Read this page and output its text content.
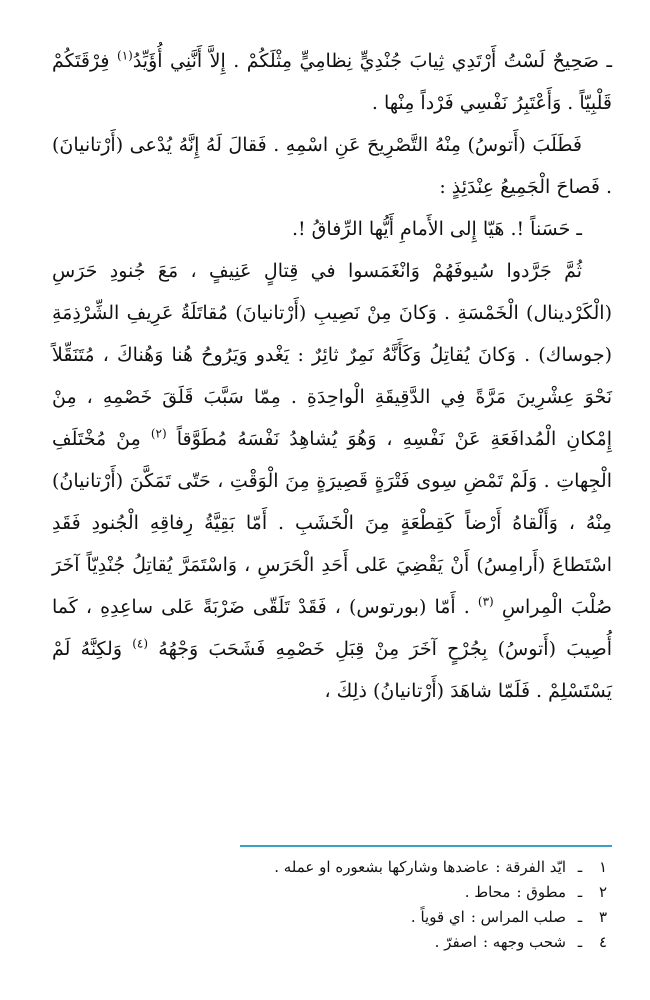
ـ صَحِيحٌ لَسْتُ أَرْتَدِي ثِيابَ جُنْدِيٍّ نِظامِيٍّ مِثْلَكُمْ . إِلاَّ أَنَّنِي أُؤَيِّدُ$^{(١)}$ فِرْقَتَكُمْ قَلْبِيّاً . وَأَعْتَبِرُ نَفْسِي فَرْداً مِنْها .

فَطَلَبَ (أَتوسُ) مِنْهُ التَّصْرِيحَ عَنِ اسْمِهِ . فَقالَ لَهُ إِنَّهُ يُدْعى (أَرْتانيانَ) . فَصاحَ الْجَمِيعُ عِنْدَئِذٍ :

ـ حَسَناً !. هَيّا إِلى الأَمامِ أَيُّها الرِّفاقُ !.

ثُمَّ جَرَّدوا سُيوفَهُمْ وَانْغَمَسوا في قِتالٍ عَنِيفٍ ، مَعَ جُنودِ حَرَسِ (الْكَرْدينال) الْخَمْسَةِ . وَكانَ مِنْ نَصِيبِ (أَرْتانيانَ) مُقاتَلَةُ عَرِيفِ الشِّرْذِمَةِ (جوساك) . وَكانَ يُقاتِلُ وَكَأَنَّهُ نَمِرٌ ثائِرٌ : يَغْدو وَيَرُوحُ هُنا وَهُناكَ ، مُتَنَقِّلاً نَحْوَ عِشْرِينَ مَرَّةً فِي الدَّقِيقَةِ الْواحِدَةِ . مِمّا سَبَّبَ قَلَقَ خَصْمِهِ ، مِنْ إِمْكانِ الْمُدافَعَةِ عَنْ نَفْسِهِ ، وَهُوَ يُشاهِدُ نَفْسَهُ مُطَوَّقاً $^{(٢)}$ مِنْ مُخْتَلَفِ الْجِهاتِ . وَلَمْ تَمْضِ سِوى فَتْرَةٍ قَصِيرَةٍ مِنَ الْوَقْتِ ، حَتّى تَمَكَّنَ (أَرْتانيانُ) مِنْهُ ، وَأَلْقاهُ أَرْضاً كَقِطْعَةٍ مِنَ الْخَشَبِ . أَمّا بَقِيَّةُ رِفاقِهِ الْجُنودِ فَقَدِ اسْتَطاعَ (أَرامِسُ) أَنْ يَقْضِيَ عَلى أَحَدِ الْحَرَسِ ، وَاسْتَمَرَّ يُقاتِلُ جُنْدِيّاً آخَرَ صُلْبَ الْمِراسِ $^{(٣)}$ . أَمّا (بورتوس) ، فَقَدْ تَلَقّى ضَرْبَةً عَلى ساعِدِهِ ، كَما أُصِيبَ (أَتوسُ) بِجُرْحٍ آخَرَ مِنْ قِبَلِ خَصْمِهِ فَشَحَبَ وَجْهُهُ $^{(٤)}$ وَلكِنَّهُ لَمْ يَسْتَسْلِمْ . فَلَمّا شاهَدَ (أَرْتانيانُ) ذلِكَ ،

١
ـ
ايّد الفرقة :
عاضدها وشاركها بشعوره او عمله .
٢
ـ
مطوق :
محاط .
٣
ـ
صلب المراس :
اي قوياً .
٤
ـ
شحب وجهه :
اصفرّ .
